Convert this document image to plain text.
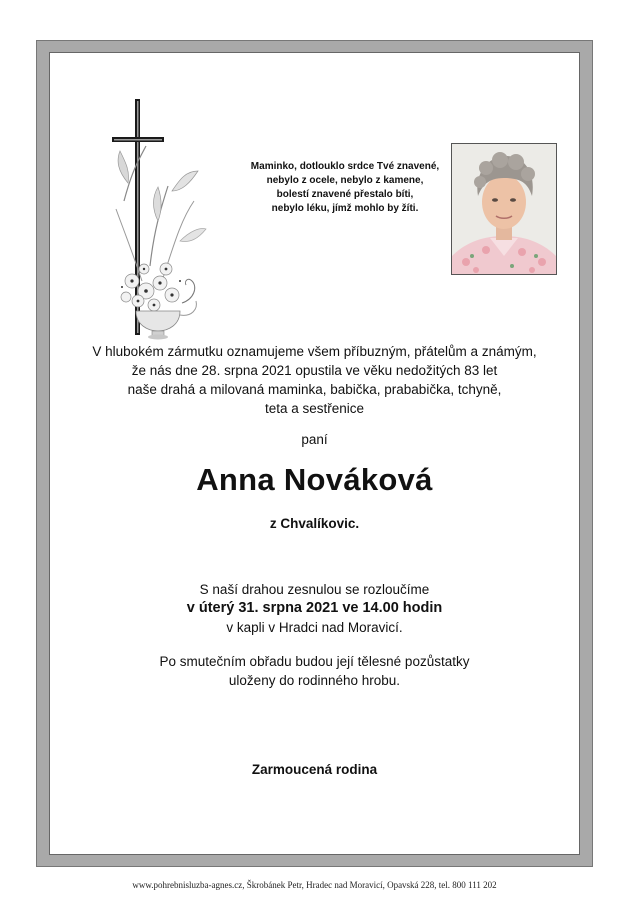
Maminko, dotlouklo srdce Tvé znavené,
nebylo z ocele, nebylo z kamene,
bolestí znavené přestalo bíti,
nebylo léku, jímž mohlo by žíti.
V hlubokém zármutku oznamujeme všem příbuzným, přátelům a známým,
že nás dne 28. srpna 2021 opustila ve věku nedožitých 83 let
naše drahá a milovaná maminka, babička, prababička, tchyně,
teta a sestřenice
paní
Anna Nováková
z Chvalíkovic.
S naší drahou zesnulou se rozloučíme
v úterý 31. srpna 2021 ve 14.00 hodin
v kapli v Hradci nad Moravicí.
Po smutečním obřadu budou její tělesné pozůstatky
uloženy do rodinného hrobu.
Zarmoucená rodina
www.pohrebnisluzba-agnes.cz, Škrobánek Petr, Hradec nad Moravicí, Opavská 228, tel. 800 111 202
